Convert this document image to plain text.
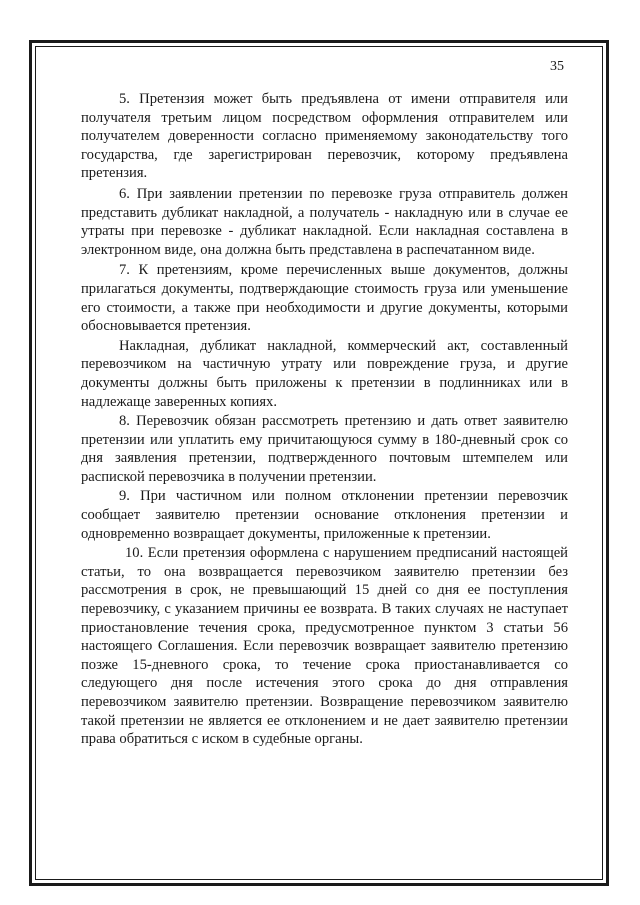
35

5. Претензия может быть предъявлена от имени отправителя или получателя третьим лицом посредством оформления отправителем или получателем доверенности согласно применяемому законодательству того государства, где зарегистрирован перевозчик, которому предъявлена претензия.

6. При заявлении претензии по перевозке груза отправитель должен представить дубликат накладной, а получатель - накладную или в случае ее утраты при перевозке - дубликат накладной. Если накладная составлена в электронном виде, она должна быть представлена в распечатанном виде.

7. К претензиям, кроме перечисленных выше документов, должны прилагаться документы, подтверждающие стоимость груза или уменьшение его стоимости, а также при необходимости и другие документы, которыми обосновывается претензия.

Накладная, дубликат накладной, коммерческий акт, составленный перевозчиком на частичную утрату или повреждение груза, и другие документы должны быть приложены к претензии в подлинниках или в надлежаще заверенных копиях.

8. Перевозчик обязан рассмотреть претензию и дать ответ заявителю претензии или уплатить ему причитающуюся сумму в 180-дневный срок со дня заявления претензии, подтвержденного почтовым штемпелем или распиской перевозчика в получении претензии.

9. При частичном или полном отклонении претензии перевозчик сообщает заявителю претензии основание отклонения претензии и одновременно возвращает документы, приложенные к претензии.

10. Если претензия оформлена с нарушением предписаний настоящей статьи, то она возвращается перевозчиком заявителю претензии без рассмотрения в срок, не превышающий 15 дней со дня ее поступления перевозчику, с указанием причины ее возврата. В таких случаях не наступает приостановление течения срока, предусмотренное пунктом 3 статьи 56 настоящего Соглашения. Если перевозчик возвращает заявителю претензию позже 15-дневного срока, то течение срока приостанавливается со следующего дня после истечения этого срока до дня отправления перевозчиком заявителю претензии. Возвращение перевозчиком заявителю такой претензии не является ее отклонением и не дает заявителю претензии права обратиться с иском в судебные органы.
